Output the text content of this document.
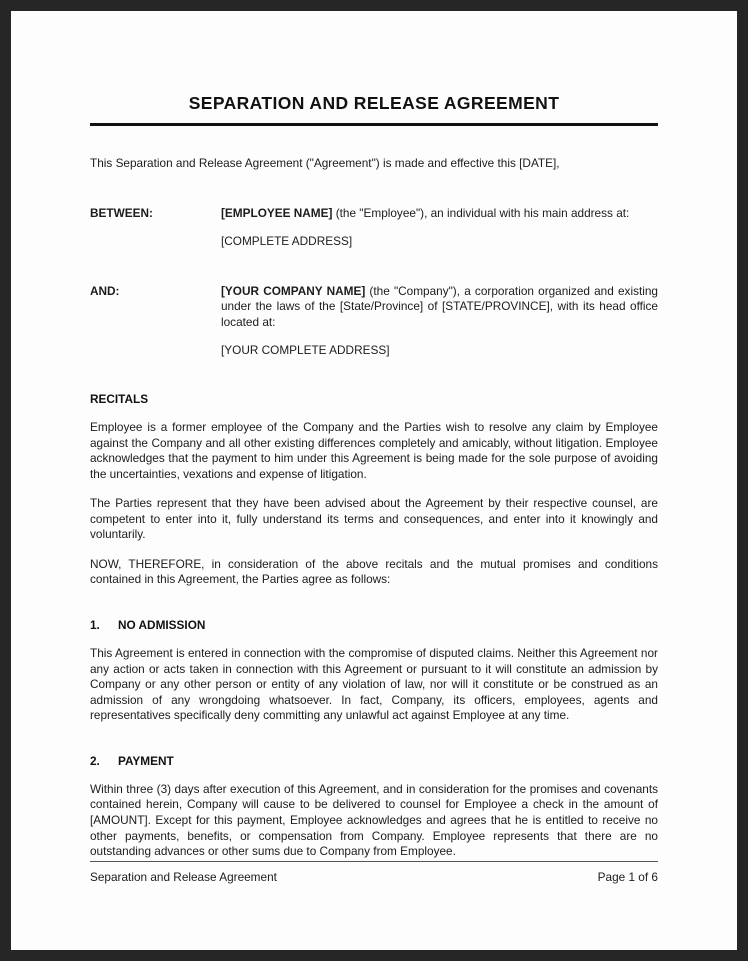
SEPARATION AND RELEASE AGREEMENT

This Separation and Release Agreement ("Agreement") is made and effective this [DATE],

BETWEEN:	[EMPLOYEE NAME] (the "Employee"), an individual with his main address at:
[COMPLETE ADDRESS]
AND:	[YOUR COMPANY NAME] (the "Company"), a corporation organized and existing under the laws of the [State/Province] of [STATE/PROVINCE], with its head office located at:
[YOUR COMPLETE ADDRESS]
RECITALS

Employee is a former employee of the Company and the Parties wish to resolve any claim by Employee against the Company and all other existing differences completely and amicably, without litigation. Employee acknowledges that the payment to him under this Agreement is being made for the sole purpose of avoiding the uncertainties, vexations and expense of litigation.

The Parties represent that they have been advised about the Agreement by their respective counsel, are competent to enter into it, fully understand its terms and consequences, and enter into it knowingly and voluntarily.

NOW, THEREFORE, in consideration of the above recitals and the mutual promises and conditions contained in this Agreement, the Parties agree as follows:

1.	NO ADMISSION

This Agreement is entered in connection with the compromise of disputed claims. Neither this Agreement nor any action or acts taken in connection with this Agreement or pursuant to it will constitute an admission by Company or any other person or entity of any violation of law, nor will it constitute or be construed as an admission of any wrongdoing whatsoever. In fact, Company, its officers, employees, agents and representatives specifically deny committing any unlawful act against Employee at any time.

2.	PAYMENT

Within three (3) days after execution of this Agreement, and in consideration for the promises and covenants contained herein, Company will cause to be delivered to counsel for Employee a check in the amount of [AMOUNT]. Except for this payment, Employee acknowledges and agrees that he is entitled to receive no other payments, benefits, or compensation from Company. Employee represents that there are no outstanding advances or other sums due to Company from Employee.

Separation and Release Agreement	Page 1 of 6
